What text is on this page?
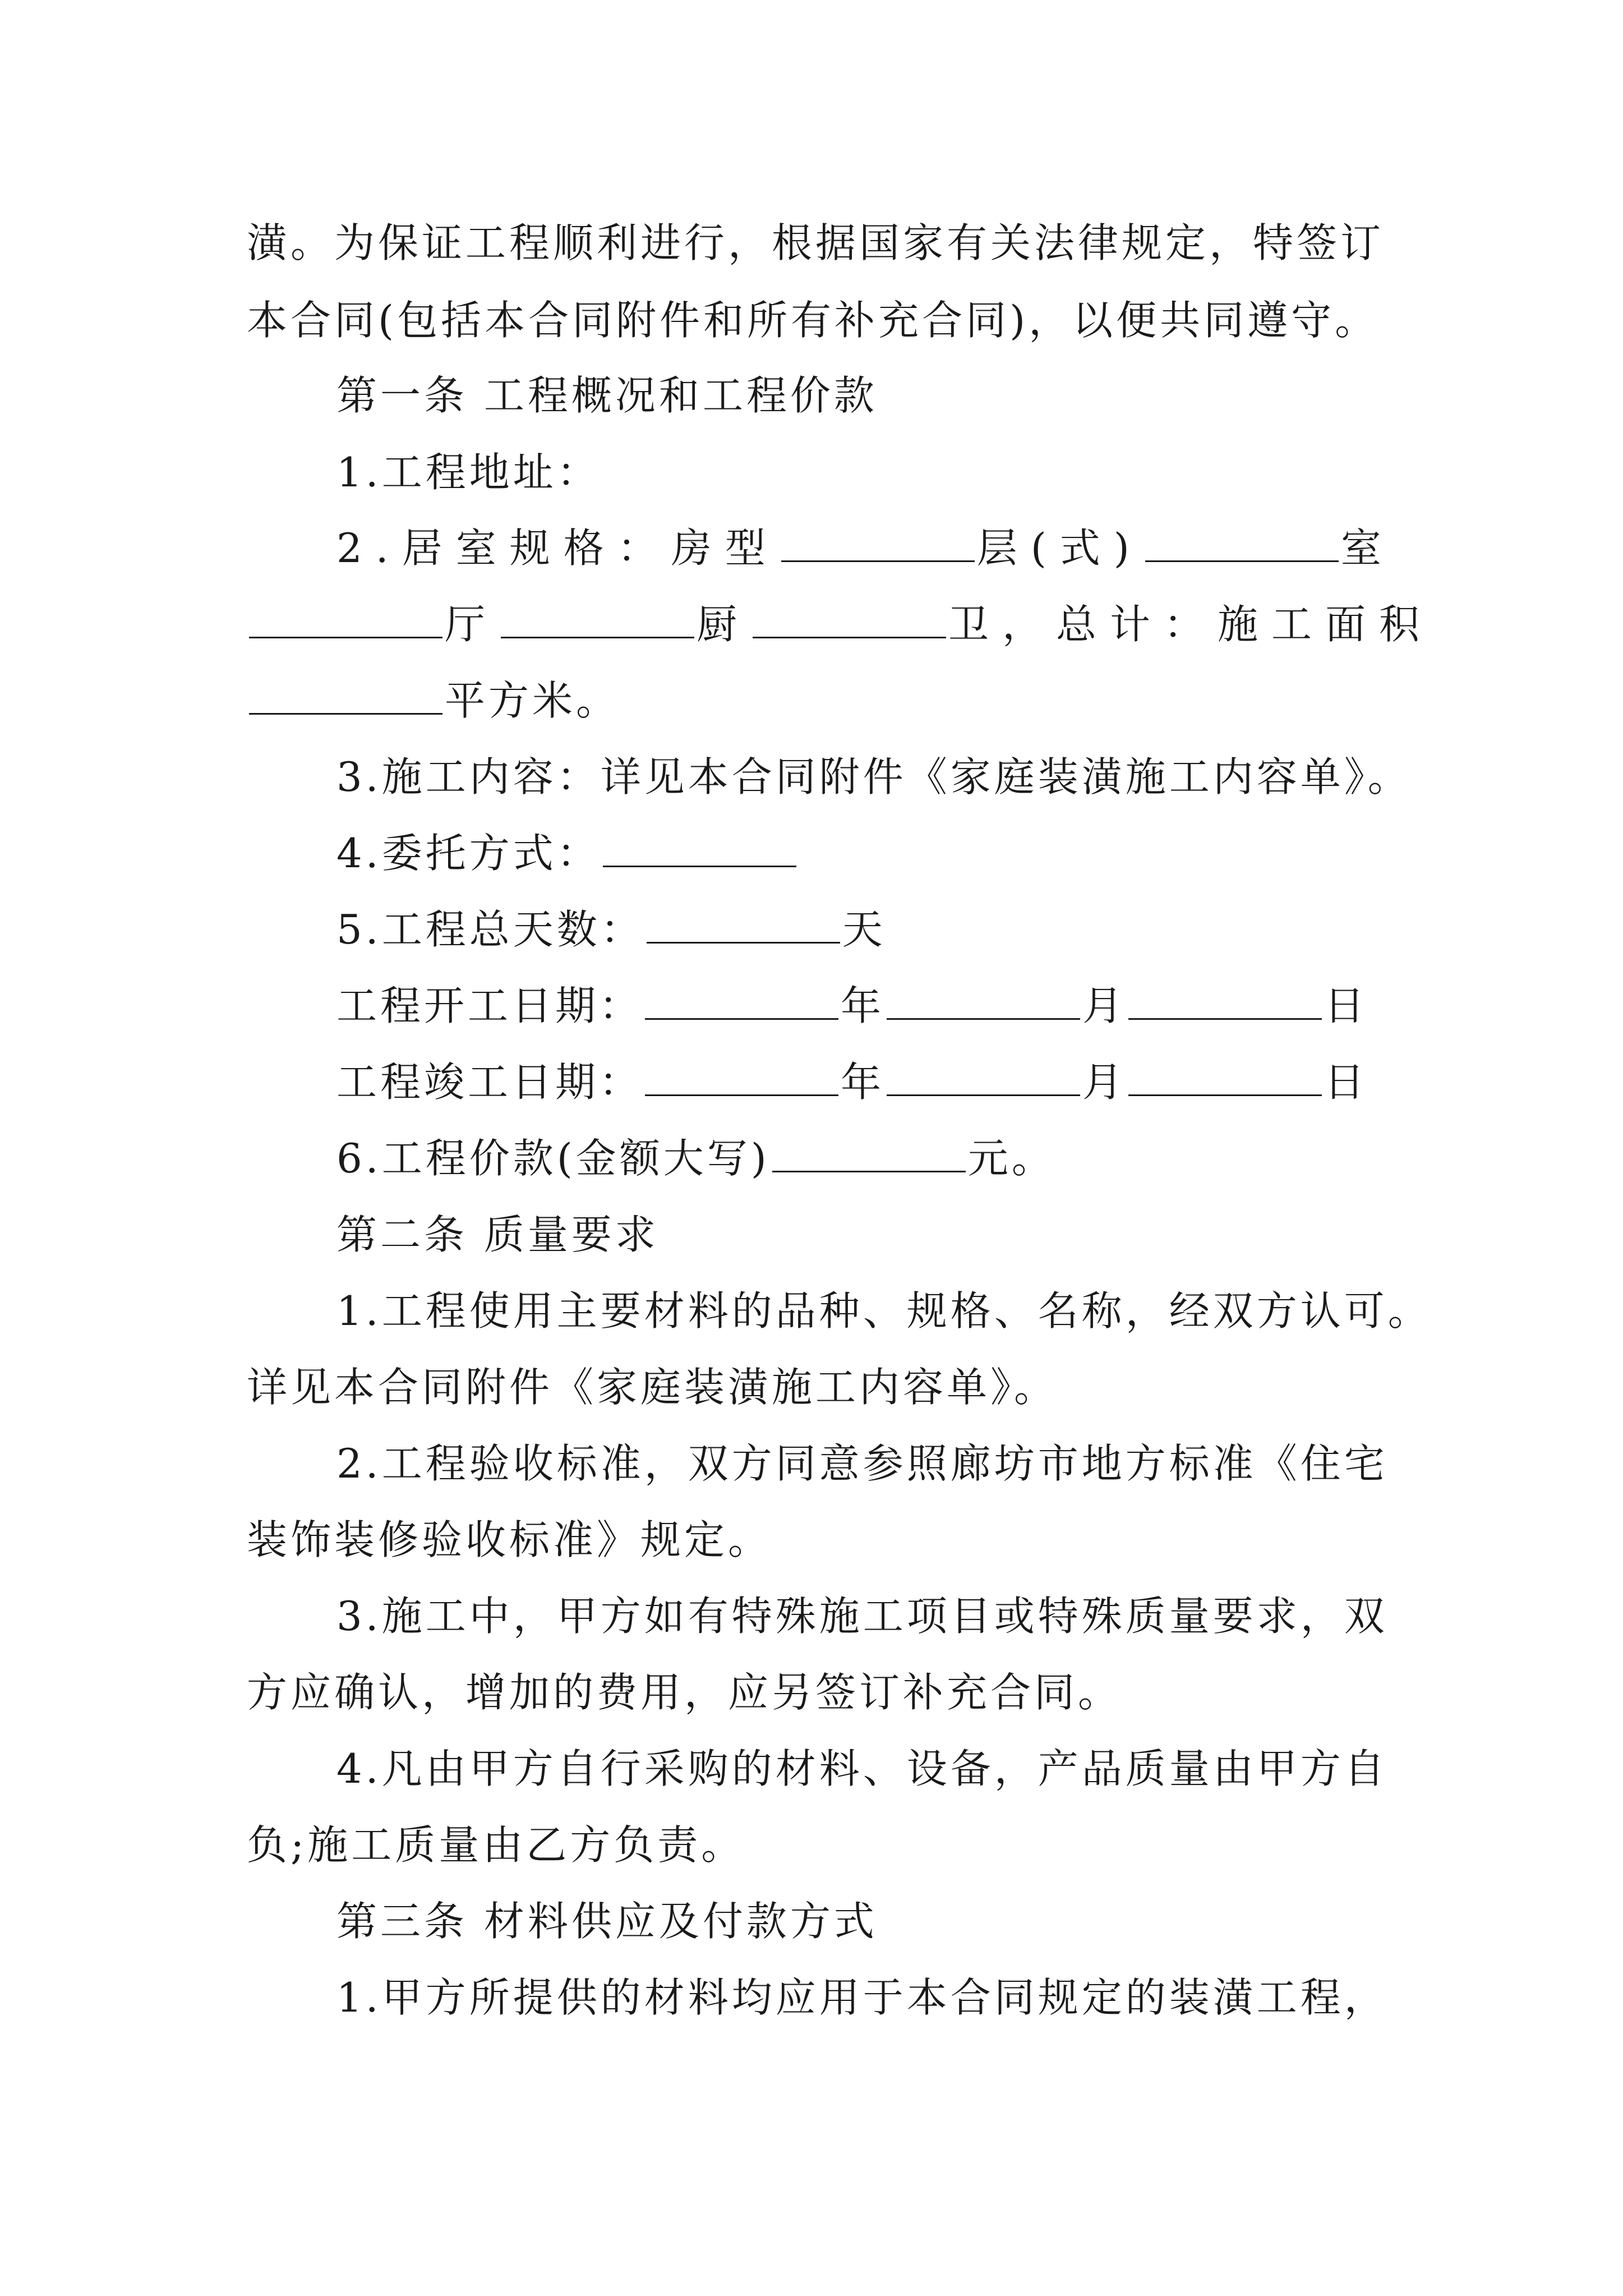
潢。为保证工程顺利进行，根据国家有关法律规定，特签订
本合同(包括本合同附件和所有补充合同)，以便共同遵守。
第一条 工程概况和工程价款
1.工程地址：
2.居室规格：房型	层(式)	室
厅	厨	卫，总计：施工面积
平方米。
3.施工内容：详见本合同附件《家庭装潢施工内容单》。
4.委托方式：
5.工程总天数：	天
工程开工日期：	年	月	日
工程竣工日期：	年	月	日
6.工程价款(金额大写)	元。
第二条 质量要求
1.工程使用主要材料的品种、规格、名称，经双方认可。
详见本合同附件《家庭装潢施工内容单》。
2.工程验收标准，双方同意参照廊坊市地方标准《住宅
装饰装修验收标准》规定。
3.施工中，甲方如有特殊施工项目或特殊质量要求，双
方应确认，增加的费用，应另签订补充合同。
4.凡由甲方自行采购的材料、设备，产品质量由甲方自
负;施工质量由乙方负责。
第三条 材料供应及付款方式
1.甲方所提供的材料均应用于本合同规定的装潢工程，
